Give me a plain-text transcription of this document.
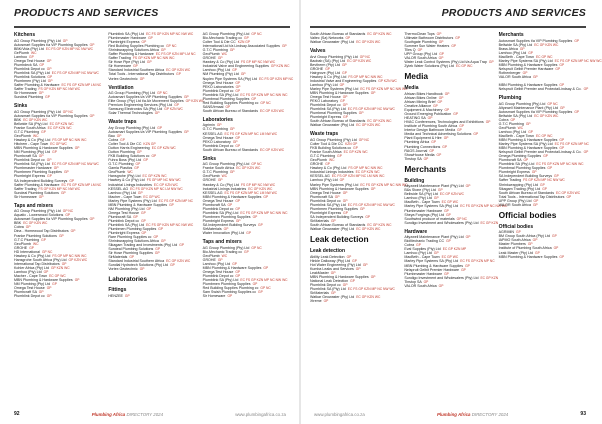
PRODUCTS AND SERVICES
Kitchens
AG Group Plumbing (Pty) Ltd GP
Autosmart Supplies t/a VIP Plumbing Supplies GP
BBK/Vida (Pty) Ltd EC FS GP KZN MP NC NW WC
GePlumb WC
Lamhoo GP
Omega Test House GP
Plumbdeck SA GP
Plumblink Depot cc GP
Plumblink SA (Pty) Ltd EC FS GP KZN MP NC NW WC
Plumblink Solutions GP
Plumbmen (Pty) Ltd GP
Saffer Plumbing & Hardware EC FS GP KZN MP LM NC
Saffer Trading FS GP KZN MP NC NW WC
Sir Homeware GP
Sundeal Plumbing GP
Sinks
AG Group Plumbing (Pty) Ltd GP NC
Autosmart Supplies t/a VIP Plumbing Supplies GP
BBK EC GP KZN WC
Bellwide SA (Pty) Ltd EC GP KZN WC
Franke South Africa EC GP KZN WC
G.T.C Plumbing GP
GeoPlumb WC
Hawkey & Co (Pty) Ltd FS GP MP NC NW WC
Hitchem - Cape Town EC GP WC
MBN Plumbing & Hardware Supplies GP
NM Plumbing (Pty) Ltd GP
Plumbcraft SA GP
Plumblink Depot cc GP
Plumblink SA (Pty) Ltd EC FS GP KZN MP NC NW WC
Plumbmaster Hardware GP
Plumbmen Plumbing Supplies GP
Plumbright Express GP
SA Independent Building Surveys GP
Saffer Plumbing & Hardware EC FS GP KZN MP LM NC
Saffer Trading FS GP KZN MP NC NW WC
Sundeal Plumbing Solutions GP
Sir Homeware GP
Taps and mixers
AG Group Plumbing (Pty) Ltd GP NC
Aquatic - Lowerwood Solutions GP
Autosmart Supplies t/a VIP Plumbing Supplies GP
BBK EC GP KZN WC
Cobra GP
Dina - Homewood Tap Distributors GP
Franke Plumbing Solutions GP
G.T.C Plumbing GP
GeoPlumb WC
GROHE GP
HD International GP NC
Hawkey & Co (Pty) Ltd FS GP MP NC NW WC
Hansgrohe South Africa (Pty) Ltd GP KZN WC
International Tap Distributors GP
Kohler Africa (Pty) Ltd GP KZN WC
Lamhoo (Pty) Ltd GP
Macher - Cape Town EC GP WC
MBN Plumbing & Hardware Supplies GP
NM Plumbing (Pty) Ltd GP
Omega Test House GP
Plumbcraft SA GP
Plumblink Depot cc GP
Plumblink SA (Pty) Ltd EC FS GP KZN MP NC NW WC
Plumbmaster Hardware GP
Plumbright Express GP
Red Building Supplies Plumbing cc GP NC
Shrinkwrapping Solutions Africa GP
Saffer Plumbing & Hardware EC FS GP KZN MP LM NC
Saffer Trading FS GP KZN MP NC NW WC
Sir Hose Pipe (Pty) Ltd GP
Sir Homeware GP
Standard Industrial Southern Africa EC GP KZN WC
Total Tools - International Tap Distributors GP
Vortex Geotechnic GP
Ventilation
AG Group Plumbing (Pty) Ltd GP NC
Autosmart Supplies t/a VIP Plumbing Supplies GP
Elite Group (Pty) Ltd t/a Air Movement Supplies GP KZN WC
Premium Engineering Services (Pty) Ltd GP
Samsung Electronics SA (Pty) Ltd GP KZN WC
Solar Thermal Technologies GP
Waste traps
Ary Group Plumbing (Pty) Ltd GP
Autosmart Supplies t/a VIP Plumbing Supplies GP
Bau GP
Cobra GP
Colter Tool & Die CC KZN GP
Dutton Harris Engineering EC GP KZN WC
Dutton Plumbing GP
FKB Building Solutions cc GP
Fuhra Boss (Pty) Ltd GP
G.T.C Plumbing GP
Gamla Plastics GP
GeoPlumb WC
Hansgrohe (Pty) Ltd EC GP KZN WC
Hawkey & Co (Pty) Ltd FS GP MP NC NW WC
Industrial Linings Industries EC GP KZN WC
KESSEL AG EC FS GP KZN MP NC LM NW WC
Lamhoo (Pty) Ltd GP
Macher - Cape Town EC GP WC
Marley Pipe Systems (Pty) Ltd EC FS GP KZN MP NC
MBN Plumbing & Hardware Supplies GP
NM Plumbing (Pty) Ltd GP
Omega Test House GP
Plumbcraft SA GP
Plumblink Depot cc GP
Plumblink SA (Pty) Ltd EC FS GP KZN MP NC NW WC
Plumbmen Plumbing Supplies GP
Plumbright Express GP
Rare Plumbing Supplies cc GP
Shrinkwrapping Solutions Africa GP
Sikagam Trading and Investments (Pty) Ltd GP
Sundeal Plumbing Solutions GP
Sir Hose Plumbing Supplies GP
SirMaterials GP
Standard Industrial Southern Africa EC GP KZN WC
Sundial Hydrotech Solutions (Pty) Ltd GP
Vortex Geotechnic GP
Laboratories
Fittings
HENZEE GP
AG Group Plumbing (Pty) Ltd GP NC
Bio-Mechanic Trading cc GP
Colter Tool & Die CC KZN GP
International Ltd t/a Lindsay Associated Supplies GP
G.T.C Plumbing GP
GeoPlumb WC
GROHE GP
Hawkey & Co (Pty) Ltd FS GP MP NC NW WC
Industrial Valve and Engineering Supplies GP KZN WC
Lamhoo (Pty) Ltd GP
NM Plumbing (Pty) Ltd GP
Nuplex Pipe Systems SA (Pty) Ltd EC FS GP KZN MP NC
Omega Test House GP
PEKO Laboratories GP
Plumblink Depot cc GP
Plumblink SA (Pty) Ltd EC FS GP KZN MP NC NW WC
Plumbmal Plumbing Supplies GP
Red Building Supplies Plumbing cc GP NC
SANS/Irmaal GP
South African Bureau of Standards EC GP KZN WC
Laboratories
Agrimin GP
G.T.C Plumbing GP
KESSEL AG EC FS GP KZN MP NC LM NW WC
Omega Test House GP
PEKO Laboratory GP
Plumblink Depot cc GP
South African Bureau of Standards EC GP KZN WC
Sinks
AG Group Plumbing (Pty) Ltd GP NC
Franke South Africa EC GP KZN WC
G.T.C Plumbing GP
GeoPlumb WC
GROHE GP
Hawkey & Co (Pty) Ltd FS GP MP NC NW WC
Industrial Linings Industries EC GP KZN WC
KESSEL AG EC FS GP KZN MP NC LM NW WC
MBN Plumbing & Hardware Supplies GP
Omega Test House GP
Plumbcraft SA GP
Plumblink Depot cc GP
Plumblink SA (Pty) Ltd EC FS GP KZN MP NC NW WC
Plumbmen Plumbing Supplies GP
Plumbright Express GP
SA Independent Building Surveys GP
SirMaterials GP
Water Innovation (Pty) Ltd GP
Taps and mixers
AG Group Plumbing (Pty) Ltd GP NC
Bio-Mechanic Trading cc GP
GeoPlumb WC
GROHE GP
Lamhoo (Pty) Ltd GP
MBN Plumbing & Hardware Supplies GP
Omega Test House GP
Plumblink Depot cc GP
Plumblink SA (Pty) Ltd EC FS GP KZN MP NC NW WC
Plumbmen Plumbing Supplies GP
Red Building Supplies Plumbing cc GP NC
Sam Swish Plumbing Supplies cc GP
Sir Homeware GP
92	Plumbing Africa DIRECTORY 2024	www.plumbingafrica.co.za
PRODUCTS AND SERVICES
South African Bureau of Standards EC GP KZN WC
Valtec (Sa) Networks GP
Watkar Geowaster (Pty) Ltd EC GP KZN WC
Valves
Arvi Group Plumbing (Pty) Ltd GP NC
Baobab (SA) (Pty) Ltd EC GP KZN WC
Bevtherm (Pty) Ltd GP
GROHE GP
Hairgrove (Pty) Ltd GP
Hawkey & Co (Pty) Ltd FS GP MP NC NW WC
Industrial Valve and Engineering Supplies GP KZN WC
Lamhoo (Pty) Ltd GP
Marley Pipe Systems (Pty) Ltd EC FS GP KZN MP NC NW WC
MBN Plumbing & Hardware Supplies GP
Omega Test House GP
PEKO Laboratory GP
Plumblink Depot cc GP
Plumblink SA (Pty) Ltd EC FS GP KZN MP NC NW WC
Plumbmal Plumbing Supplies GP
Plumbright Express GP
South African Bureau of Standards EC GP KZN WC
Watkar Geowaster (Pty) Ltd EC GP KZN WC
Waste traps
AG Group Plumbing (Pty) Ltd GP NC
Colter Tool & Die CC KZN GP
FKB Building Solutions cc GP
Franke South Africa EC GP KZN WC
G.T.C Plumbing GP
GeoPlumb WC
GROHE GP
Hawkey & Co (Pty) Ltd FS GP MP NC NW WC
Industrial Linings Industries EC GP KZN WC
KESSEL AG EC FS GP KZN MP NC LM NW WC
Lamhoo (Pty) Ltd GP
Marley Pipe Systems (Pty) Ltd EC FS GP KZN MP NC NW WC
MBN Plumbing & Hardware Supplies GP
Omega Test House GP
Plumbcraft SA GP
Plumblink Depot cc GP
Plumblink SA (Pty) Ltd EC FS GP KZN MP NC NW WC
Plumbmen Plumbing Supplies GP
Plumbright Express GP
SA Independent Building Surveys GP
SirMaterials GP
South African Bureau of Standards EC GP KZN WC
Watkar Geowaster (Pty) Ltd EC GP KZN WC
Leak detection
Leak detection
Ability Leak Detection GP
Hinkle Dalloway (Pty) Ltd GP
Hot Water Engineering (Pty) Ltd GP
Kumba Leaks and Services GP
LeakMaster GP
MBN Plumbing & Hardware Supplies GP
National Leak Detection GP
Plumblink Depot cc GP
Plumblink SA (Pty) Ltd EC FS GP KZN MP NC NW WC
SirMaterials GP
Watkar Geowaster (Pty) Ltd EC GP KZN WC
Xtreme GP
ThermoClean Tops GP
Ultimate Bathroom Distributors GP
Southgate Plumbing GP
Summer Sun Water Heaters GP
Tiles Q GP
UPP Group (Pty) Ltd GP
VALOR South Africa GP
Water Leak Control Systems (Pty) Ltd t/a Aqua Trap GP
Zytek Water Solutions (Pty) Ltd EC GP WC
Media
Media
African Bikes Handbook GP
African Bikes Online GP
African Mining Brief GP
Creative Alliance GP
Equipment & Machinery GP
Ground Emerging Publication GP
HEATING SA GP
HVAC Conferences, Technologies and Exhibitions GP
Institute of Plumbing South Africa GP
Interior Design Bathroom Media GP
Media and Technical Advertising Solutions GP
Plant Equipment & Hire GP
Plumbing Africa GP
Plumbing Connections GP
RAGS Journal GP
ShowHouse Media GP
Tinstop SA GP
Merchants
Building
Altyzwell Maintenance Plant (Pty) Ltd GP
B&s Stone (Pty) Ltd GP
Bellwide SA (Pty) Ltd EC GP KZN WC
Lamhoo (Pty) Ltd GP
MacBeth - Cape Town EC GP WC
Marley Pipe Systems SA (Pty) Ltd EC FS GP KZN MP NC NW WC
Plumbmaster Hardware GP
Sheya Forgings (Pty) Ltd GP
Southwind produce of materials GP NC
Sundigo Investment and Wholesalers (Pty) Ltd EC GP KZN
Hardware
Altyzwell Maintenance Plant (Pty) Ltd GP
BioMechanic Trading CC GP
Cobra GP
Eval Supplies (Pty) Ltd EC GP KZN MP
Lamhoo (Pty) Ltd GP
MacBeth - Cape Town EC GP WC
Marley Pipe Systems SA (Pty) Ltd EC FS GP KZN MP NC
MBN Plumbing & Hardware Supplies GP
Nelspruit Gelbit Premier Hardware GP
Plumbmaster Hardware GP
Sundigo Investment and Wholesalers (Pty) Ltd EC GP KZN
Tinstop SA GP
VALOR South Africa GP
Merchants
Autosmart Supplies t/a VIP Plumbing Supplies GP
Bellwide SA (Pty) Ltd EC GP KZN WC
Brass Africa GP
Lamhoo (Pty) Ltd GP
MacBeth - Cape Town EC GP WC
Marley Pipe Systems SA (Pty) Ltd EC FS GP KZN MP NC NW WC
MBN Plumbing & Hardware Supplies GP
Nelspruit Gelbit Premier Hardware GP
Rothenberger GP
VALOR South Africa GP
MBN Plumbing & Hardware Supplies GP
Nelspruit Gelbit Premier and Protecta/Lindsay & Co. GP
Plumbing
AG Group Plumbing (Pty) Ltd GP NC
Altyzwell Maintenance Plant (Pty) Ltd GP
Autosmart Supplies t/a VIP Plumbing Supplies GP
Bellwide SA (Pty) Ltd EC GP KZN WC
Cobra GP
G.T.C Plumbing GP
GeoPlumb WC
Lamhoo (Pty) Ltd GP
MacBeth - Cape Town EC GP WC
MBN Plumbing & Hardware Supplies GP
Marley Pipe Systems SA (Pty) Ltd EC FS GP KZN MP NC
MBN Plumbing & Hardware Supplies GP
Nelspruit Gelbit Premier and Protecta/Lindsay & Co. GP
Omega Plumbing Supplies GP
Plumbcraft SA GP
Plumblink SA (Pty) Ltd EC FS GP KZN MP NC NW WC
Plumbmal Plumbing Supplies GP
Plumbright Express GP
SA Independent Building Surveys GP
Saffer Trading FS GP KZN MP NC NW WC
Shrinkwrapping (Pty) Ltd GP
Sikagam Trading (Pty) Ltd GP
South African Bureau of Standards EC GP KZN WC
Total Tools - International Tap Distributors GP
UPP Group (Pty) Ltd GP
VALOR South Africa GP
Official bodies
Official bodies
AGRIMIN GP
BM Group South Africa (Pty) Ltd GP
IAPMO South Africa GP
Master Plumbers GP
Institute of Plumbing South Africa GP
Leak Master (Pty) Ltd GP
MBN Plumbing & Hardware Supplies GP
www.plumbingafrica.co.za	Plumbing Africa DIRECTORY 2024	93
